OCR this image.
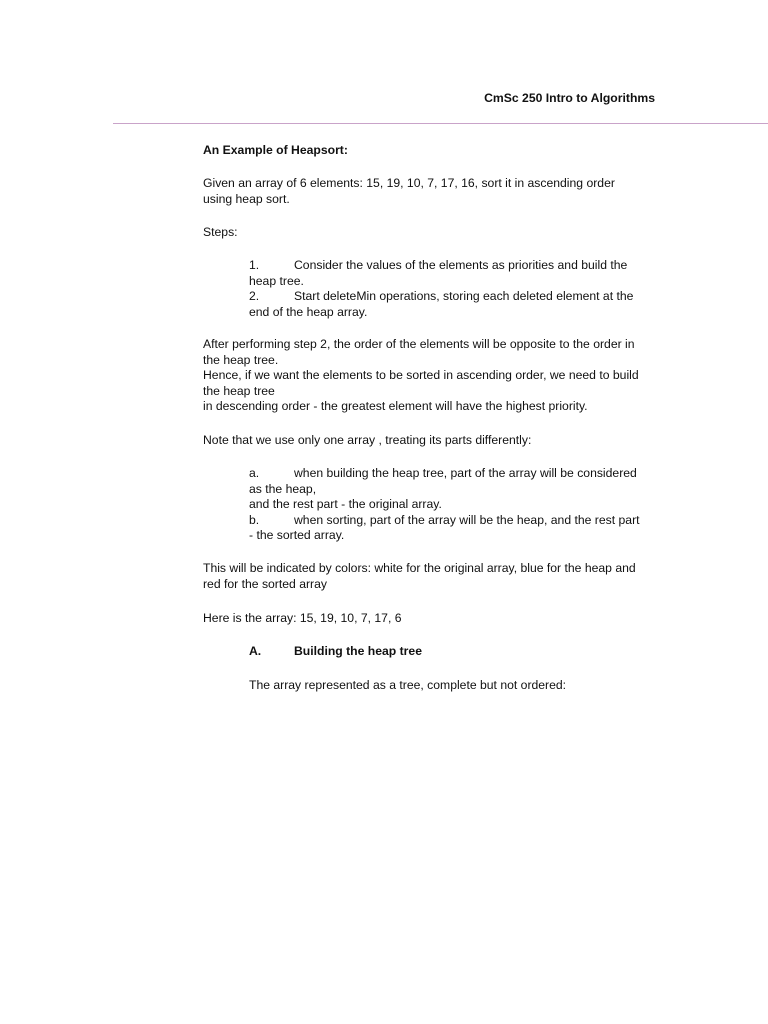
CmSc 250 Intro to Algorithms

An Example of Heapsort:

Given an array of 6 elements: 15, 19, 10, 7, 17, 16, sort it in ascending order
using heap sort.

Steps:

1.	Consider the values of the elements as priorities and build the
heap tree.
2.	Start deleteMin operations, storing each deleted element at the
end of the heap array.

After performing step 2, the order of the elements will be opposite to the order in
the heap tree.
Hence, if we want the elements to be sorted in ascending order, we need to build
the heap tree
in descending order - the greatest element will have the highest priority.

Note that we use only one array , treating its parts differently:

a.	when building the heap tree, part of the array will be considered
as the heap,
and the rest part - the original array.
b.	when sorting, part of the array will be the heap, and the rest part
- the sorted array.

This will be indicated by colors: white for the original array, blue for the heap and
red for the sorted array

Here is the array: 15, 19, 10, 7, 17, 6

A.	Building the heap tree

The array represented as a tree, complete but not ordered:
